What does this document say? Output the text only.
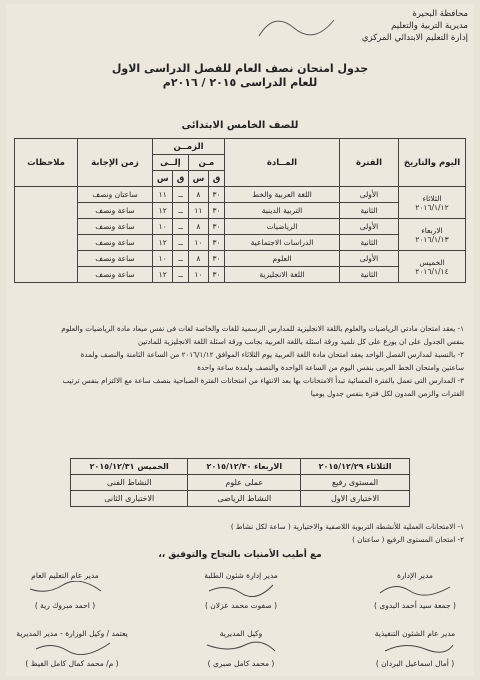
محافظة البحيرة
مديرية التربية والتعليم
إدارة التعليم الابتدائي المركزي
جدول امتحان نصف العام للفصل الدراسى الاول
للعام الدراسى ٢٠١٥ / ٢٠١٦م
للصف الخامس الابتدائى
اليوم والتاريخ	الفترة	المــادة	الزمــن				زمن الإجابة	ملاحظات
			مـن		إلــى			
			ق	س	ق	س		

الثلاثاء
٢٠١٦/١/١٢	الأولى	اللغة العربية والخط	٣٠	٨	ــ	١١	ساعتان ونصف	
	الثانية	التربية الدينية	٣٠	١١	ــ	١٢	ساعة ونصف	

الاربعاء
٢٠١٦/١/١٣	الأولى	الرياضيات	٣٠	٨	ــ	١٠	ساعة ونصف	
	الثانية	الدراسات الاجتماعية	٣٠	١٠	ــ	١٢	ساعة ونصف	

الخميس
٢٠١٦/١/١٤	الأولى	العلوم	٣٠	٨	ــ	١٠	ساعة ونصف	
	الثانية	اللغة الانجليزية	٣٠	١٠	ــ	١٢	ساعة ونصف	
١- يعقد امتحان مادتي الرياضيات والعلوم باللغة الانجليزية للمدارس الرسمية للغات والخاصة لغات فى نفس ميعاد مادة الرياضيات والعلوم
بنفس الجدول على ان يوزع على كل تلميذ ورقة اسئلة باللغة العربية بجانب ورقة اسئلة اللغة الانجليزية للمادتين
٢- بالنسبة لمدارس الفصل الواحد يعقد امتحان مادة اللغة العربية يوم الثلاثاء الموافق ٢٠١٦/١/١٢ من الساعة الثامنة والنصف ولمدة
ساعتين وامتحان الخط العربى بنفس اليوم من الساعة الواحدة والنصف ولمدة ساعة واحدة
٣- المدارس التى تعمل بالفترة المسائية تبدأ الامتحانات بها بعد الانتهاء من امتحانات الفترة الصباحية بنصف ساعة مع الالتزام بنفس ترتيب
الفترات والزمن المدون لكل فترة بنفس جدول يوميا
الثلاثاء ٢٠١٥/١٢/٢٩	الاربعاء ٢٠١٥/١٢/٣٠	الخميس ٢٠١٥/١٢/٣١
المستوى رفيع	عملى علوم	النشاط الفنى
الاختيارى الاول	النشاط الرياضى	الاختيارى الثانى
١- الامتحانات العملية للأنشطة التربوية اللاصفية والاختيارية ( ساعة لكل نشاط )
٢- امتحان المستوى الرفيع ( ساعتان )
مع أطيب الأمنيات بالنجاح والتوفيق ،،
مدير الإدارة
( جمعة سيد أحمد البدوى )
مدير إدارة شئون الطلبة
( صفوت محمد عزلان )
مدير عام التعليم العام
( احمد مبروك رية )
مدير عام الشئون التنفيذية
( أمال اسماعيل البردان )
وكيل المديرية
( محمد كامل صبرى )
يعتمد / وكيل الوزارة - مدير المديرية
( م/ محمد كمال كامل الفيظ )
